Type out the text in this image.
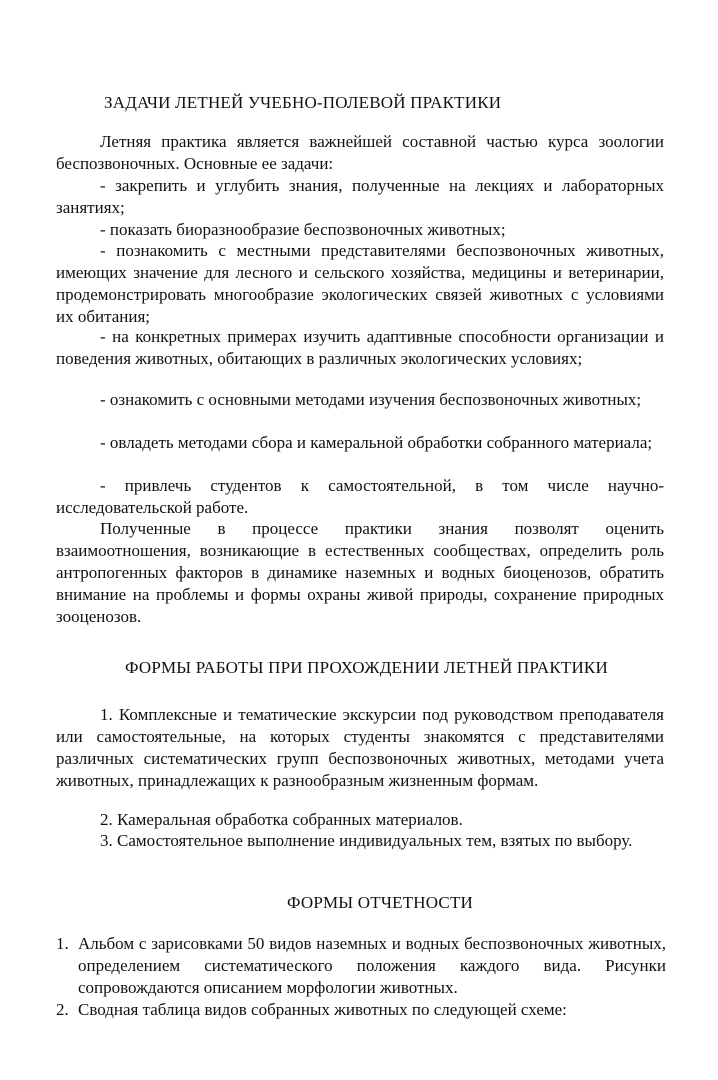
ЗАДАЧИ ЛЕТНЕЙ УЧЕБНО-ПОЛЕВОЙ ПРАКТИКИ
Летняя практика является важнейшей составной частью курса зоологии беспозвоночных. Основные ее задачи:
- закрепить и углубить знания, полученные на лекциях и лабораторных занятиях;
- показать биоразнообразие беспозвоночных животных;
- познакомить с местными представителями беспозвоночных животных, имеющих значение для лесного и сельского хозяйства, медицины и ветеринарии, продемонстрировать многообразие экологических связей животных с условиями их обитания;
- на конкретных примерах изучить адаптивные способности организации и поведения животных, обитающих в различных экологических условиях;
- ознакомить с основными методами изучения беспозвоночных животных;
- овладеть методами сбора и камеральной обработки собранного материала;
- привлечь студентов к самостоятельной, в том числе научно-исследовательской работе.
Полученные в процессе практики знания позволят оценить взаимоотношения, возникающие в естественных сообществах, определить роль антропогенных факторов в динамике наземных и водных биоценозов, обратить внимание на проблемы и формы охраны живой природы, сохранение природных зооценозов.
ФОРМЫ РАБОТЫ ПРИ ПРОХОЖДЕНИИ ЛЕТНЕЙ ПРАКТИКИ
1. Комплексные и тематические экскурсии под руководством преподавателя или самостоятельные, на которых студенты знакомятся с представителями различных систематических групп беспозвоночных животных, методами учета животных, принадлежащих к разнообразным жизненным формам.
2. Камеральная обработка собранных материалов.
3. Самостоятельное выполнение индивидуальных тем, взятых по выбору.
ФОРМЫ ОТЧЕТНОСТИ
1. Альбом с зарисовками 50 видов наземных и водных беспозвоночных животных, определением систематического положения каждого вида. Рисунки сопровождаются описанием морфологии животных.
2. Сводная таблица видов собранных животных по следующей схеме:
